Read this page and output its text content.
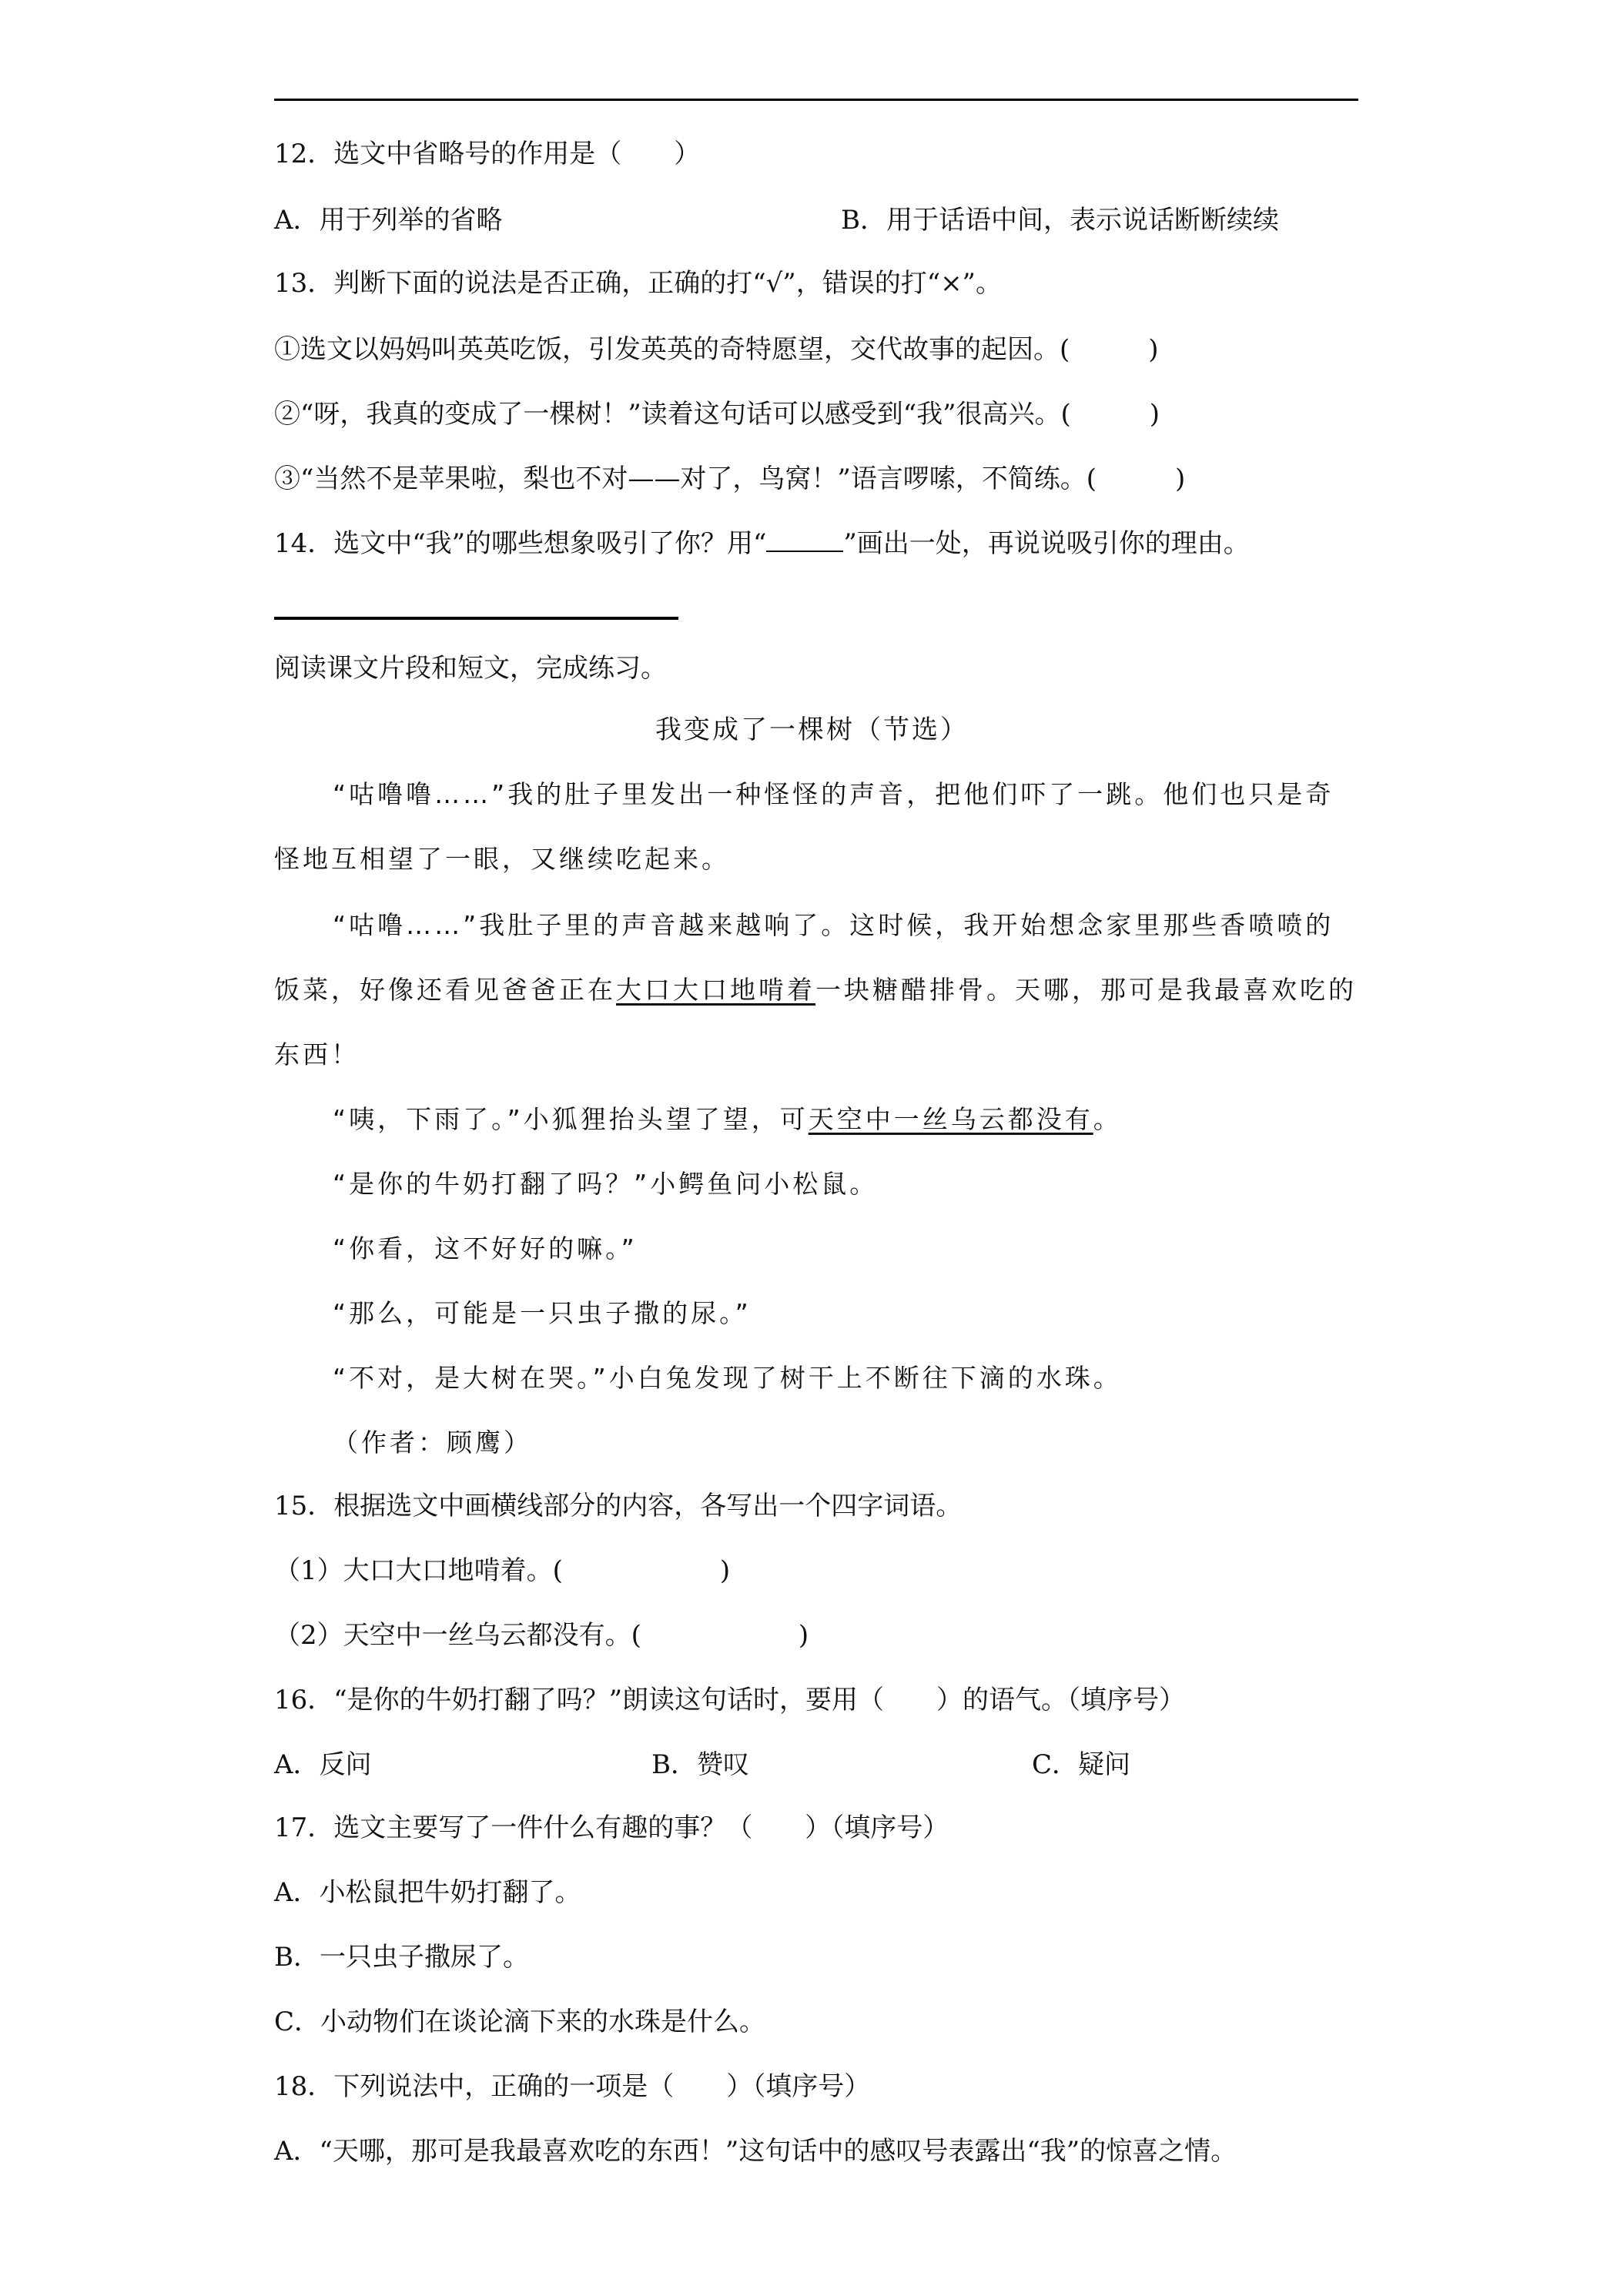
12．选文中省略号的作用是（　　）
A．用于列举的省略	B．用于话语中间，表示说话断断续续
13．判断下面的说法是否正确，正确的打“√”，错误的打“×”。
①选文以妈妈叫英英吃饭，引发英英的奇特愿望，交代故事的起因。(　　　)
②“呀，我真的变成了一棵树！”读着这句话可以感受到“我”很高兴。(　　　)
③“当然不是苹果啦，梨也不对——对了，鸟窝！”语言啰嗦，不简练。(　　　)
14．选文中“我”的哪些想象吸引了你？用“	”画出一处，再说说吸引你的理由。
阅读课文片段和短文，完成练习。
我变成了一棵树（节选）
“咕噜噜……”我的肚子里发出一种怪怪的声音，把他们吓了一跳。他们也只是奇
怪地互相望了一眼，又继续吃起来。
“咕噜……”我肚子里的声音越来越响了。这时候，我开始想念家里那些香喷喷的
饭菜，好像还看见爸爸正在大口大口地啃着一块糖醋排骨。天哪，那可是我最喜欢吃的
东西！
“咦，下雨了。”小狐狸抬头望了望，可天空中一丝乌云都没有。
“是你的牛奶打翻了吗？”小鳄鱼问小松鼠。
“你看，这不好好的嘛。”
“那么，可能是一只虫子撒的尿。”
“不对，是大树在哭。”小白兔发现了树干上不断往下滴的水珠。
（作者：顾鹰）
15．根据选文中画横线部分的内容，各写出一个四字词语。
（1）大口大口地啃着。(　　　　　　)
（2）天空中一丝乌云都没有。(　　　　　　)
16．“是你的牛奶打翻了吗？”朗读这句话时，要用（　　）的语气。（填序号）
A．反问	B．赞叹	C．疑问
17．选文主要写了一件什么有趣的事？（　　）（填序号）
A．小松鼠把牛奶打翻了。
B．一只虫子撒尿了。
C．小动物们在谈论滴下来的水珠是什么。
18．下列说法中，正确的一项是（　　）（填序号）
A．“天哪，那可是我最喜欢吃的东西！”这句话中的感叹号表露出“我”的惊喜之情。
